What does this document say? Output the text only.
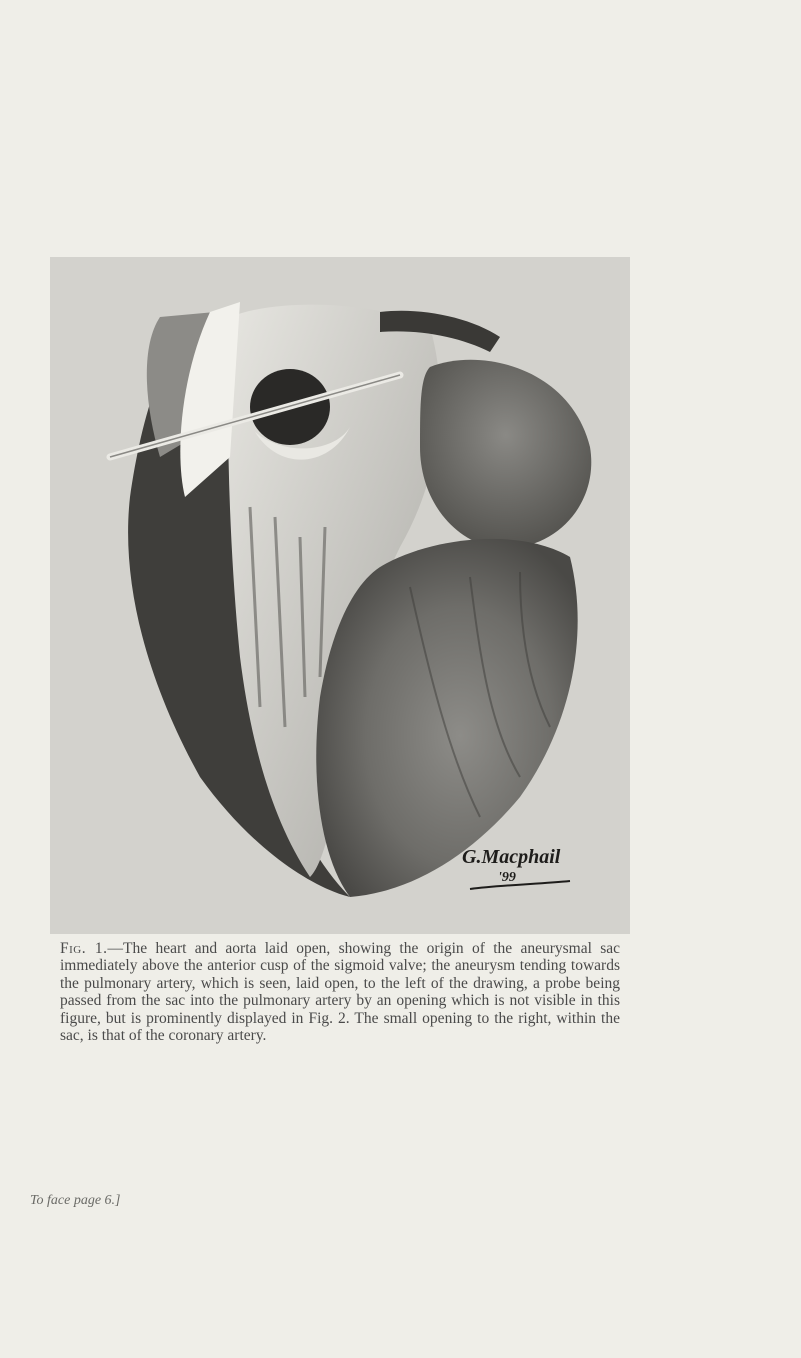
G.Macphail
'99
Fig. 1.—The heart and aorta laid open, showing the origin of the aneurysmal sac immediately above the anterior cusp of the sigmoid valve; the aneurysm tending towards the pulmonary artery, which is seen, laid open, to the left of the drawing, a probe being passed from the sac into the pulmonary artery by an opening which is not visible in this figure, but is prominently displayed in Fig. 2. The small opening to the right, within the sac, is that of the coronary artery.
To face page 6.]
